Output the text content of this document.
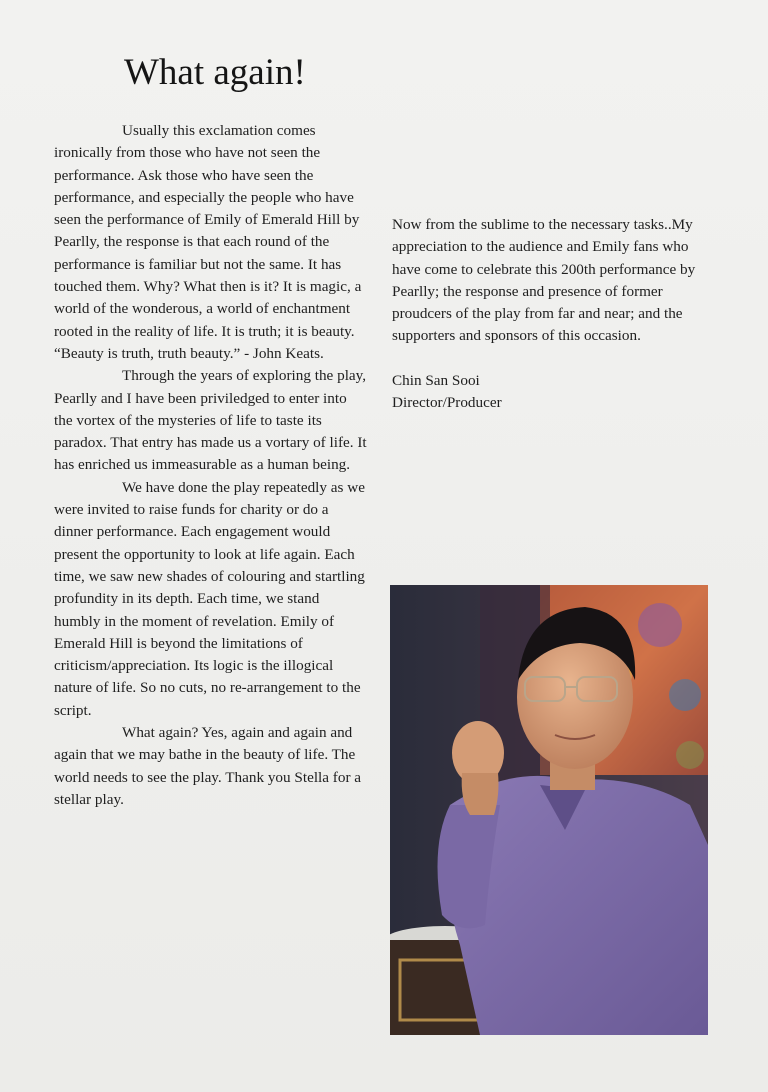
What again!

Usually this exclamation comes ironically from those who have not seen the performance. Ask those who have seen the performance, and especially the people who have seen the performance of Emily of Emerald Hill by Pearlly, the response is that each round of the performance is familiar but not the same. It has touched them. Why? What then is it? It is magic, a world of the wonderous, a world of enchantment rooted in the reality of life. It is truth; it is beauty. “Beauty is truth, truth beauty.” - John Keats.

Through the years of exploring the play, Pearlly and I have been priviledged to enter into the vortex of the mysteries of life to taste its paradox. That entry has made us a vortary of life. It has enriched us immeasurable as a human being.

We have done the play repeatedly as we were invited to raise funds for charity or do a dinner performance. Each engagement would present the opportunity to look at life again. Each time, we saw new shades of colouring and startling profundity in its depth. Each time, we stand humbly in the moment of revelation. Emily of Emerald Hill is beyond the limitations of criticism/appreciation. Its logic is the illogical nature of life. So no cuts, no re-arrangement to the script.

What again? Yes, again and again and again that we may bathe in the beauty of life. The world needs to see the play. Thank you Stella for a stellar play.

Now from the sublime to the necessary tasks..My appreciation to the audience and Emily fans who have come to celebrate this 200th performance by Pearlly; the response and presence of former proudcers of the play from far and near; and the supporters and sponsors of this occasion.

Chin San Sooi
Director/Producer
